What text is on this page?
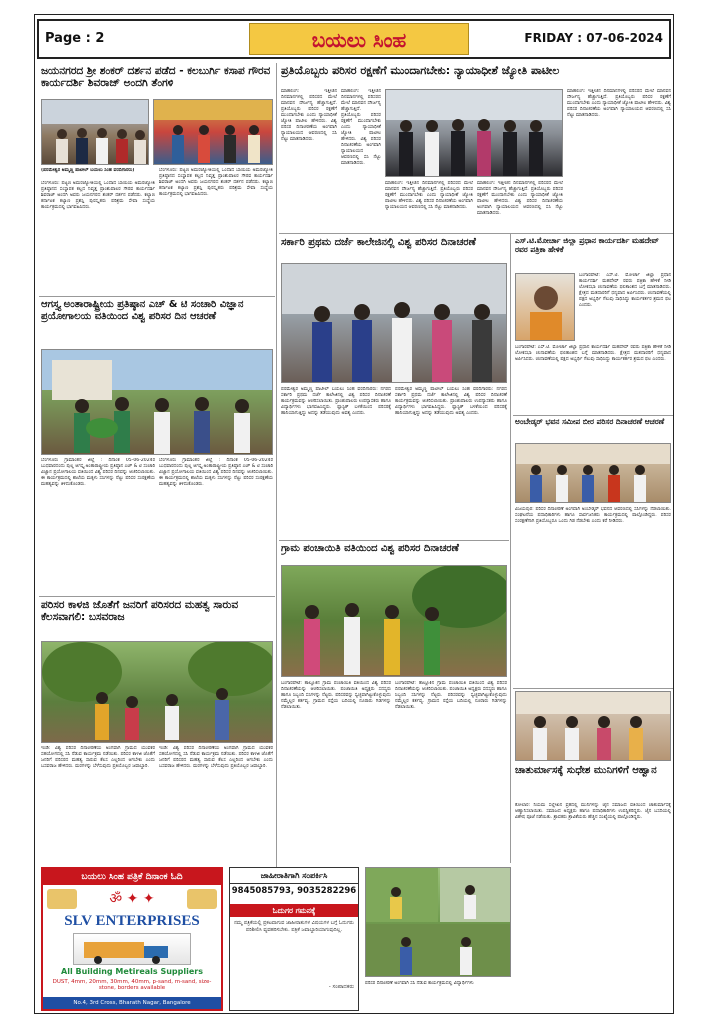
Page : 2	ಬಯಲು ಸಿಂಹ	FRIDAY : 07-06-2024
ಜಯನಗರದ ಶ್ರೀ ಶಂಕರ್ ದರ್ಶನ ಪಡೆದ - ಕಲಬುರ್ಗಿ ಕಸಾಪ ಗೌರವ ಕಾರ್ಯದರ್ಶಿ ಶಿವರಾಜ್ ಅಂದಗಿ ತೆಂಗಳಿ
(ಪರಮೇಶ್ವರ ಅಮ್ಮಣ್ಣ ಪಾಟೀಲ್ ಬಯಲು ಸಿಂಹ ವರದಿಗಾರರು)
ಬೆಂಗಳೂರು: ಪಟ್ಟಣ ಅಮರಜ್ಯೋತಿಯಲ್ಲಿ ಒಂದಾದ ಬಾಯಿಯ ಅಮರಜ್ಯೋತಿ ಪ್ರತಿಷ್ಠಾನದ ಸಂಸ್ಥಾಪಕ ಕಲ್ಲದ ನಿವೃತ್ತ ಪ್ರಾಂಶುಪಾಲರ ಗೌರವ ಕಾರ್ಯದರ್ಶಿ ಶಿವರಾಜ್ ಅಂದಗಿ ಅವರು ಜಯನಗರದ ಶಂಕರ್ ದರ್ಶನ ಪಡೆದರು. ಕಲ್ಯಾಣ ಕರ್ನಾಟಕ ಕಲ್ಯಾಣ ಪ್ರಶಸ್ತಿ ಪುರಸ್ಕೃತರು ಪರಿಶ್ರಮ ಸೇವಾ ಸಂಸ್ಥೆಯ ಕಾರ್ಯಕ್ರಮದಲ್ಲಿ ಭಾಗವಹಿಸಿದರು.
ಬೆಂಗಳೂರು: ಪಟ್ಟಣ ಅಮರಜ್ಯೋತಿಯಲ್ಲಿ ಒಂದಾದ ಬಾಯಿಯ ಅಮರಜ್ಯೋತಿ ಪ್ರತಿಷ್ಠಾನದ ಸಂಸ್ಥಾಪಕ ಕಲ್ಲದ ನಿವೃತ್ತ ಪ್ರಾಂಶುಪಾಲರ ಗೌರವ ಕಾರ್ಯದರ್ಶಿ ಶಿವರಾಜ್ ಅಂದಗಿ ಅವರು ಜಯನಗರದ ಶಂಕರ್ ದರ್ಶನ ಪಡೆದರು. ಕಲ್ಯಾಣ ಕರ್ನಾಟಕ ಕಲ್ಯಾಣ ಪ್ರಶಸ್ತಿ ಪುರಸ್ಕೃತರು ಪರಿಶ್ರಮ ಸೇವಾ ಸಂಸ್ಥೆಯ ಕಾರ್ಯಕ್ರಮದಲ್ಲಿ ಭಾಗವಹಿಸಿದರು.
ಆಗಸ್ತ್ಯ ಅಂತಾರಾಷ್ಟ್ರೀಯ ಪ್ರತಿಷ್ಠಾನ ಎಚ್ & ಟಿ ಸಂಚಾರಿ ವಿಜ್ಞಾನ ಪ್ರಯೋಗಾಲಯ ವತಿಯಿಂದ ವಿಶ್ವ ಪರಿಸರ ದಿನ ಆಚರಣೆ
ಬೆಂಗಳೂರು ಗ್ರಾಮಾಂತರ ಜಿಲ್ಲೆ : ದಿನಾಂಕ 05-06-2024ರ ಬುಧವಾರದಂದು ಪುಲ್ಲ ಆಗಸ್ತ್ಯ ಅಂತಾರಾಷ್ಟ್ರೀಯ ಪ್ರತಿಷ್ಠಾನ ಎಚ್ & ಟಿ ಸಂಚಾರಿ ವಿಜ್ಞಾನ ಪ್ರಯೋಗಾಲಯ ವತಿಯಿಂದ ವಿಶ್ವ ಪರಿಸರ ದಿನವನ್ನು ಆಚರಿಸಲಾಯಿತು. ಈ ಕಾರ್ಯಕ್ರಮದಲ್ಲಿ ಶಾಲೆಯ ಮಕ್ಕಳು ಸಸಿಗಳನ್ನು ನೆಟ್ಟು ಪರಿಸರ ಸಂರಕ್ಷಣೆಯ ಮಹತ್ವವನ್ನು ತಿಳಿದುಕೊಂಡರು.
ಬೆಂಗಳೂರು ಗ್ರಾಮಾಂತರ ಜಿಲ್ಲೆ : ದಿನಾಂಕ 05-06-2024ರ ಬುಧವಾರದಂದು ಪುಲ್ಲ ಆಗಸ್ತ್ಯ ಅಂತಾರಾಷ್ಟ್ರೀಯ ಪ್ರತಿಷ್ಠಾನ ಎಚ್ & ಟಿ ಸಂಚಾರಿ ವಿಜ್ಞಾನ ಪ್ರಯೋಗಾಲಯ ವತಿಯಿಂದ ವಿಶ್ವ ಪರಿಸರ ದಿನವನ್ನು ಆಚರಿಸಲಾಯಿತು. ಈ ಕಾರ್ಯಕ್ರಮದಲ್ಲಿ ಶಾಲೆಯ ಮಕ್ಕಳು ಸಸಿಗಳನ್ನು ನೆಟ್ಟು ಪರಿಸರ ಸಂರಕ್ಷಣೆಯ ಮಹತ್ವವನ್ನು ತಿಳಿದುಕೊಂಡರು.
ಪರಿಸರ ಕಾಳಜಿ ಜೊತೆಗೆ ಜನರಿಗೆ ಪರಿಸರದ ಮಹತ್ವ ಸಾರುವ ಕೆಲಸವಾಗಲಿ: ಬಸವರಾಜ
ಇಂಡಿ: ವಿಶ್ವ ಪರಿಸರ ದಿನಾಚರಣೆಯ ಅಂಗವಾಗಿ ಗ್ರಾಮದ ಯುವಕರ ಸಹಯೋಗದಲ್ಲಿ ಸಸಿ ನೆಡುವ ಕಾರ್ಯಕ್ರಮ ನಡೆಯಿತು. ಪರಿಸರ ಕಾಳಜಿ ಜೊತೆಗೆ ಜನರಿಗೆ ಪರಿಸರದ ಮಹತ್ವ ಸಾರುವ ಕೆಲಸ ಎಲ್ಲರಿಂದ ಆಗಬೇಕು ಎಂದು ಬಸವರಾಜ ಹೇಳಿದರು. ಮರಗಳನ್ನು ಬೆಳೆಸುವುದು ಪ್ರತಿಯೊಬ್ಬರ ಜವಾಬ್ದಾರಿ.
ಇಂಡಿ: ವಿಶ್ವ ಪರಿಸರ ದಿನಾಚರಣೆಯ ಅಂಗವಾಗಿ ಗ್ರಾಮದ ಯುವಕರ ಸಹಯೋಗದಲ್ಲಿ ಸಸಿ ನೆಡುವ ಕಾರ್ಯಕ್ರಮ ನಡೆಯಿತು. ಪರಿಸರ ಕಾಳಜಿ ಜೊತೆಗೆ ಜನರಿಗೆ ಪರಿಸರದ ಮಹತ್ವ ಸಾರುವ ಕೆಲಸ ಎಲ್ಲರಿಂದ ಆಗಬೇಕು ಎಂದು ಬಸವರಾಜ ಹೇಳಿದರು. ಮರಗಳನ್ನು ಬೆಳೆಸುವುದು ಪ್ರತಿಯೊಬ್ಬರ ಜವಾಬ್ದಾರಿ.
ಬಯಲು ಸಿಂಹ ಪತ್ರಿಕೆ ದಿನಾಂಕ ಓದಿ
ॐ ✦ ✦
SLV ENTERPRISES
All Building Metireals Suppliers
DUST, 4mm, 20mm, 30mm, 40mm, p-sand, m-sand, size-stone, borders available
No.4, 3rd Cross, Bharath Nagar, Bangalore
ಪ್ರತಿಯೊಬ್ಬರು ಪರಿಸರ ರಕ್ಷಣೆಗೆ ಮುಂದಾಗಬೇಕು: ನ್ಯಾಯಾಧೀಶೆ ಜ್ಯೋತಿ ಪಾಟೀಲ
ಮಾಹಲಿಂಗ: ಇತ್ತೀಚಿನ ದಿನಮಾನಗಳಲ್ಲಿ ಪರಿಸರದ ಮೇಲೆ ಮಾನವನ ದೌರ್ಜನ್ಯ ಹೆಚ್ಚಾಗುತ್ತಿದೆ. ಪ್ರತಿಯೊಬ್ಬರು ಪರಿಸರ ರಕ್ಷಣೆಗೆ ಮುಂದಾಗಬೇಕು ಎಂದು ನ್ಯಾಯಾಧೀಶೆ ಜ್ಯೋತಿ ಪಾಟೀಲ ಹೇಳಿದರು. ವಿಶ್ವ ಪರಿಸರ ದಿನಾಚರಣೆಯ ಅಂಗವಾಗಿ ನ್ಯಾಯಾಲಯದ ಆವರಣದಲ್ಲಿ ಸಸಿ ನೆಟ್ಟು ಮಾತನಾಡಿದರು.
ಮಾಹಲಿಂಗ: ಇತ್ತೀಚಿನ ದಿನಮಾನಗಳಲ್ಲಿ ಪರಿಸರದ ಮೇಲೆ ಮಾನವನ ದೌರ್ಜನ್ಯ ಹೆಚ್ಚಾಗುತ್ತಿದೆ. ಪ್ರತಿಯೊಬ್ಬರು ಪರಿಸರ ರಕ್ಷಣೆಗೆ ಮುಂದಾಗಬೇಕು ಎಂದು ನ್ಯಾಯಾಧೀಶೆ ಜ್ಯೋತಿ ಪಾಟೀಲ ಹೇಳಿದರು. ವಿಶ್ವ ಪರಿಸರ ದಿನಾಚರಣೆಯ ಅಂಗವಾಗಿ ನ್ಯಾಯಾಲಯದ ಆವರಣದಲ್ಲಿ ಸಸಿ ನೆಟ್ಟು ಮಾತನಾಡಿದರು.
ಮಾಹಲಿಂಗ: ಇತ್ತೀಚಿನ ದಿನಮಾನಗಳಲ್ಲಿ ಪರಿಸರದ ಮೇಲೆ ಮಾನವನ ದೌರ್ಜನ್ಯ ಹೆಚ್ಚಾಗುತ್ತಿದೆ. ಪ್ರತಿಯೊಬ್ಬರು ಪರಿಸರ ರಕ್ಷಣೆಗೆ ಮುಂದಾಗಬೇಕು ಎಂದು ನ್ಯಾಯಾಧೀಶೆ ಜ್ಯೋತಿ ಪಾಟೀಲ ಹೇಳಿದರು. ವಿಶ್ವ ಪರಿಸರ ದಿನಾಚರಣೆಯ ಅಂಗವಾಗಿ ನ್ಯಾಯಾಲಯದ ಆವರಣದಲ್ಲಿ ಸಸಿ ನೆಟ್ಟು ಮಾತನಾಡಿದರು.
ಮಾಹಲಿಂಗ: ಇತ್ತೀಚಿನ ದಿನಮಾನಗಳಲ್ಲಿ ಪರಿಸರದ ಮೇಲೆ ಮಾನವನ ದೌರ್ಜನ್ಯ ಹೆಚ್ಚಾಗುತ್ತಿದೆ. ಪ್ರತಿಯೊಬ್ಬರು ಪರಿಸರ ರಕ್ಷಣೆಗೆ ಮುಂದಾಗಬೇಕು ಎಂದು ನ್ಯಾಯಾಧೀಶೆ ಜ್ಯೋತಿ ಪಾಟೀಲ ಹೇಳಿದರು. ವಿಶ್ವ ಪರಿಸರ ದಿನಾಚರಣೆಯ ಅಂಗವಾಗಿ ನ್ಯಾಯಾಲಯದ ಆವರಣದಲ್ಲಿ ಸಸಿ ನೆಟ್ಟು ಮಾತನಾಡಿದರು.
ಮಾಹಲಿಂಗ: ಇತ್ತೀಚಿನ ದಿನಮಾನಗಳಲ್ಲಿ ಪರಿಸರದ ಮೇಲೆ ಮಾನವನ ದೌರ್ಜನ್ಯ ಹೆಚ್ಚಾಗುತ್ತಿದೆ. ಪ್ರತಿಯೊಬ್ಬರು ಪರಿಸರ ರಕ್ಷಣೆಗೆ ಮುಂದಾಗಬೇಕು ಎಂದು ನ್ಯಾಯಾಧೀಶೆ ಜ್ಯೋತಿ ಪಾಟೀಲ ಹೇಳಿದರು. ವಿಶ್ವ ಪರಿಸರ ದಿನಾಚರಣೆಯ ಅಂಗವಾಗಿ ನ್ಯಾಯಾಲಯದ ಆವರಣದಲ್ಲಿ ಸಸಿ ನೆಟ್ಟು ಮಾತನಾಡಿದರು.
ಸರ್ಕಾರಿ ಪ್ರಥಮ ದರ್ಜೆ ಕಾಲೇಜಿನಲ್ಲಿ ವಿಶ್ವ ಪರಿಸರ ದಿನಾಚರಣೆ
ಪರಮೇಶ್ವರ ಅಮ್ಮಣ್ಣ ಪಾಟೀಲ್ ಬಯಲು ಸಿಂಹ ವರದಿಗಾರರು: ನಗರದ ಸರ್ಕಾರಿ ಪ್ರಥಮ ದರ್ಜೆ ಕಾಲೇಜಿನಲ್ಲಿ ವಿಶ್ವ ಪರಿಸರ ದಿನಾಚರಣೆ ಕಾರ್ಯಕ್ರಮವನ್ನು ಆಚರಿಸಲಾಯಿತು. ಪ್ರಾಂಶುಪಾಲರು ಉಪನ್ಯಾಸಕರು ಹಾಗೂ ವಿದ್ಯಾರ್ಥಿಗಳು ಭಾಗವಹಿಸಿದ್ದರು. ಪ್ಲಾಸ್ಟಿಕ್ ಬಳಕೆಯಿಂದ ಪರಿಸರಕ್ಕೆ ಹಾನಿಯಾಗುತ್ತಿದ್ದು ಅದನ್ನು ತಡೆಯುವುದು ಅವಶ್ಯ ಎಂದರು.
ಪರಮೇಶ್ವರ ಅಮ್ಮಣ್ಣ ಪಾಟೀಲ್ ಬಯಲು ಸಿಂಹ ವರದಿಗಾರರು: ನಗರದ ಸರ್ಕಾರಿ ಪ್ರಥಮ ದರ್ಜೆ ಕಾಲೇಜಿನಲ್ಲಿ ವಿಶ್ವ ಪರಿಸರ ದಿನಾಚರಣೆ ಕಾರ್ಯಕ್ರಮವನ್ನು ಆಚರಿಸಲಾಯಿತು. ಪ್ರಾಂಶುಪಾಲರು ಉಪನ್ಯಾಸಕರು ಹಾಗೂ ವಿದ್ಯಾರ್ಥಿಗಳು ಭಾಗವಹಿಸಿದ್ದರು. ಪ್ಲಾಸ್ಟಿಕ್ ಬಳಕೆಯಿಂದ ಪರಿಸರಕ್ಕೆ ಹಾನಿಯಾಗುತ್ತಿದ್ದು ಅದನ್ನು ತಡೆಯುವುದು ಅವಶ್ಯ ಎಂದರು.
ಗ್ರಾಮ ಪಂಚಾಯಿತಿ ವತಿಯಿಂದ ವಿಶ್ವ ಪರಿಸರ ದಿನಾಚರಣೆ
ಬಂಗಾರಪೇಟೆ: ತಾಲ್ಲೂಕಿನ ಗ್ರಾಮ ಪಂಚಾಯಿತಿ ವತಿಯಿಂದ ವಿಶ್ವ ಪರಿಸರ ದಿನಾಚರಣೆಯನ್ನು ಆಚರಿಸಲಾಯಿತು. ಪಂಚಾಯಿತಿ ಅಧ್ಯಕ್ಷರು ಸದಸ್ಯರು ಹಾಗೂ ಸಿಬ್ಬಂದಿ ಸಸಿಗಳನ್ನು ನೆಟ್ಟರು. ಪರಿಸರವನ್ನು ಸ್ವಚ್ಛವಾಗಿಟ್ಟುಕೊಳ್ಳುವುದು ನಮ್ಮೆಲ್ಲರ ಕರ್ತವ್ಯ. ಗ್ರಾಮದ ರಸ್ತೆಯ ಬದಿಯಲ್ಲಿ ನೂರಾರು ಗಿಡಗಳನ್ನು ನೆಡಲಾಯಿತು.
ಬಂಗಾರಪೇಟೆ: ತಾಲ್ಲೂಕಿನ ಗ್ರಾಮ ಪಂಚಾಯಿತಿ ವತಿಯಿಂದ ವಿಶ್ವ ಪರಿಸರ ದಿನಾಚರಣೆಯನ್ನು ಆಚರಿಸಲಾಯಿತು. ಪಂಚಾಯಿತಿ ಅಧ್ಯಕ್ಷರು ಸದಸ್ಯರು ಹಾಗೂ ಸಿಬ್ಬಂದಿ ಸಸಿಗಳನ್ನು ನೆಟ್ಟರು. ಪರಿಸರವನ್ನು ಸ್ವಚ್ಛವಾಗಿಟ್ಟುಕೊಳ್ಳುವುದು ನಮ್ಮೆಲ್ಲರ ಕರ್ತವ್ಯ. ಗ್ರಾಮದ ರಸ್ತೆಯ ಬದಿಯಲ್ಲಿ ನೂರಾರು ಗಿಡಗಳನ್ನು ನೆಡಲಾಯಿತು.
ಎಸ್.ಟಿ.ಮೋರ್ಚಾ ಜಿಲ್ಲಾ ಪ್ರಧಾನ ಕಾರ್ಯದರ್ಶಿ ಮಹದೇವ್ ರವರ ಪತ್ರಿಕಾ ಹೇಳಿಕೆ
ಬಂಗಾರಪೇಟೆ: ಎಸ್.ಟಿ. ಮೋರ್ಚಾ ಜಿಲ್ಲಾ ಪ್ರಧಾನ ಕಾರ್ಯದರ್ಶಿ ಮಹದೇವ್ ರವರು ಪತ್ರಿಕಾ ಹೇಳಿಕೆ ನೀಡಿ ಲೋಕಸಭಾ ಚುನಾವಣೆಯ ಫಲಿತಾಂಶದ ಬಗ್ಗೆ ಮಾತನಾಡಿದರು. ಕ್ಷೇತ್ರದ ಮತದಾರರಿಗೆ ಧನ್ಯವಾದ ಅರ್ಪಿಸಿದರು. ಚುನಾವಣೆಯಲ್ಲಿ ಪಕ್ಷದ ಅಭ್ಯರ್ಥಿ ಗೆಲುವು ಸಾಧಿಸಿದ್ದು ಕಾರ್ಯಕರ್ತರ ಶ್ರಮದ ಫಲ ಎಂದರು.
ಬಂಗಾರಪೇಟೆ: ಎಸ್.ಟಿ. ಮೋರ್ಚಾ ಜಿಲ್ಲಾ ಪ್ರಧಾನ ಕಾರ್ಯದರ್ಶಿ ಮಹದೇವ್ ರವರು ಪತ್ರಿಕಾ ಹೇಳಿಕೆ ನೀಡಿ ಲೋಕಸಭಾ ಚುನಾವಣೆಯ ಫಲಿತಾಂಶದ ಬಗ್ಗೆ ಮಾತನಾಡಿದರು. ಕ್ಷೇತ್ರದ ಮತದಾರರಿಗೆ ಧನ್ಯವಾದ ಅರ್ಪಿಸಿದರು. ಚುನಾವಣೆಯಲ್ಲಿ ಪಕ್ಷದ ಅಭ್ಯರ್ಥಿ ಗೆಲುವು ಸಾಧಿಸಿದ್ದು ಕಾರ್ಯಕರ್ತರ ಶ್ರಮದ ಫಲ ಎಂದರು.
ಅಂಬೇಡ್ಕರ್ ಭವನ ಸಮೀಪ ಬೀರ ಪರಿಸರ ದಿನಾಚರಣೆ ಆಚರಣೆ
ವಿಜಯಪುರ: ಪರಿಸರ ದಿನಾಚರಣೆ ಅಂಗವಾಗಿ ಅಂಬೇಡ್ಕರ್ ಭವನದ ಆವರಣದಲ್ಲಿ ಸಸಿಗಳನ್ನು ನೆಡಲಾಯಿತು. ಸಂಘಟನೆಯ ಪದಾಧಿಕಾರಿಗಳು ಹಾಗೂ ಸಾರ್ವಜನಿಕರು ಕಾರ್ಯಕ್ರಮದಲ್ಲಿ ಪಾಲ್ಗೊಂಡಿದ್ದರು. ಪರಿಸರ ಸಂರಕ್ಷಣೆಗಾಗಿ ಪ್ರತಿಯೊಬ್ಬರೂ ಒಂದು ಗಿಡ ನೆಡಬೇಕು ಎಂದು ಕರೆ ನೀಡಿದರು.
ಚಾತುರ್ಮಾಸಕ್ಕೆ ಸುಧೇಶ ಮುನಿಗಳಿಗೆ ಆಹ್ವಾನ
ಕೋಲಾರ: ನಿಯಮ ಸಲ್ಲೇಖನ ವ್ರತದಲ್ಲಿ ಮುನಿಗಳನ್ನು ಜೈನ ಸಮಾಜದ ವತಿಯಿಂದ ಚಾತುರ್ಮಾಸಕ್ಕೆ ಆಹ್ವಾನಿಸಲಾಯಿತು. ಸಮಾಜದ ಅಧ್ಯಕ್ಷರು ಹಾಗೂ ಪದಾಧಿಕಾರಿಗಳು ಉಪಸ್ಥಿತರಿದ್ದರು. ಜೈನ ಬಸದಿಯಲ್ಲಿ ವಿಶೇಷ ಪೂಜೆ ನಡೆಯಿತು. ಶ್ರಾವಕರು ಶ್ರಾವಿಕೆಯರು ಹೆಚ್ಚಿನ ಸಂಖ್ಯೆಯಲ್ಲಿ ಪಾಲ್ಗೊಂಡಿದ್ದರು.
ಜಾಹೀರಾತಿಗಾಗಿ ಸಂಪರ್ಕಿಸಿ
9845085793, 9035282296
ಓದುಗರ ಗಮನಕ್ಕೆ
ನಮ್ಮ ಪತ್ರಿಕೆಯಲ್ಲಿ ಪ್ರಕಟವಾಗುವ ಜಾಹೀರಾತುಗಳ ವಿಷಯಗಳ ಬಗ್ಗೆ ಓದುಗರು ಪರಿಶೀಲಿಸಿ ವ್ಯವಹರಿಸಬೇಕು. ಪತ್ರಿಕೆ ಜವಾಬ್ದಾರಿಯಾಗುವುದಿಲ್ಲ.
- ಸಂಪಾದಕರು
ಪರಿಸರ ದಿನಾಚರಣೆ ಅಂಗವಾಗಿ ಸಸಿ ನೆಡುವ ಕಾರ್ಯಕ್ರಮದಲ್ಲಿ ವಿದ್ಯಾರ್ಥಿಗಳು
